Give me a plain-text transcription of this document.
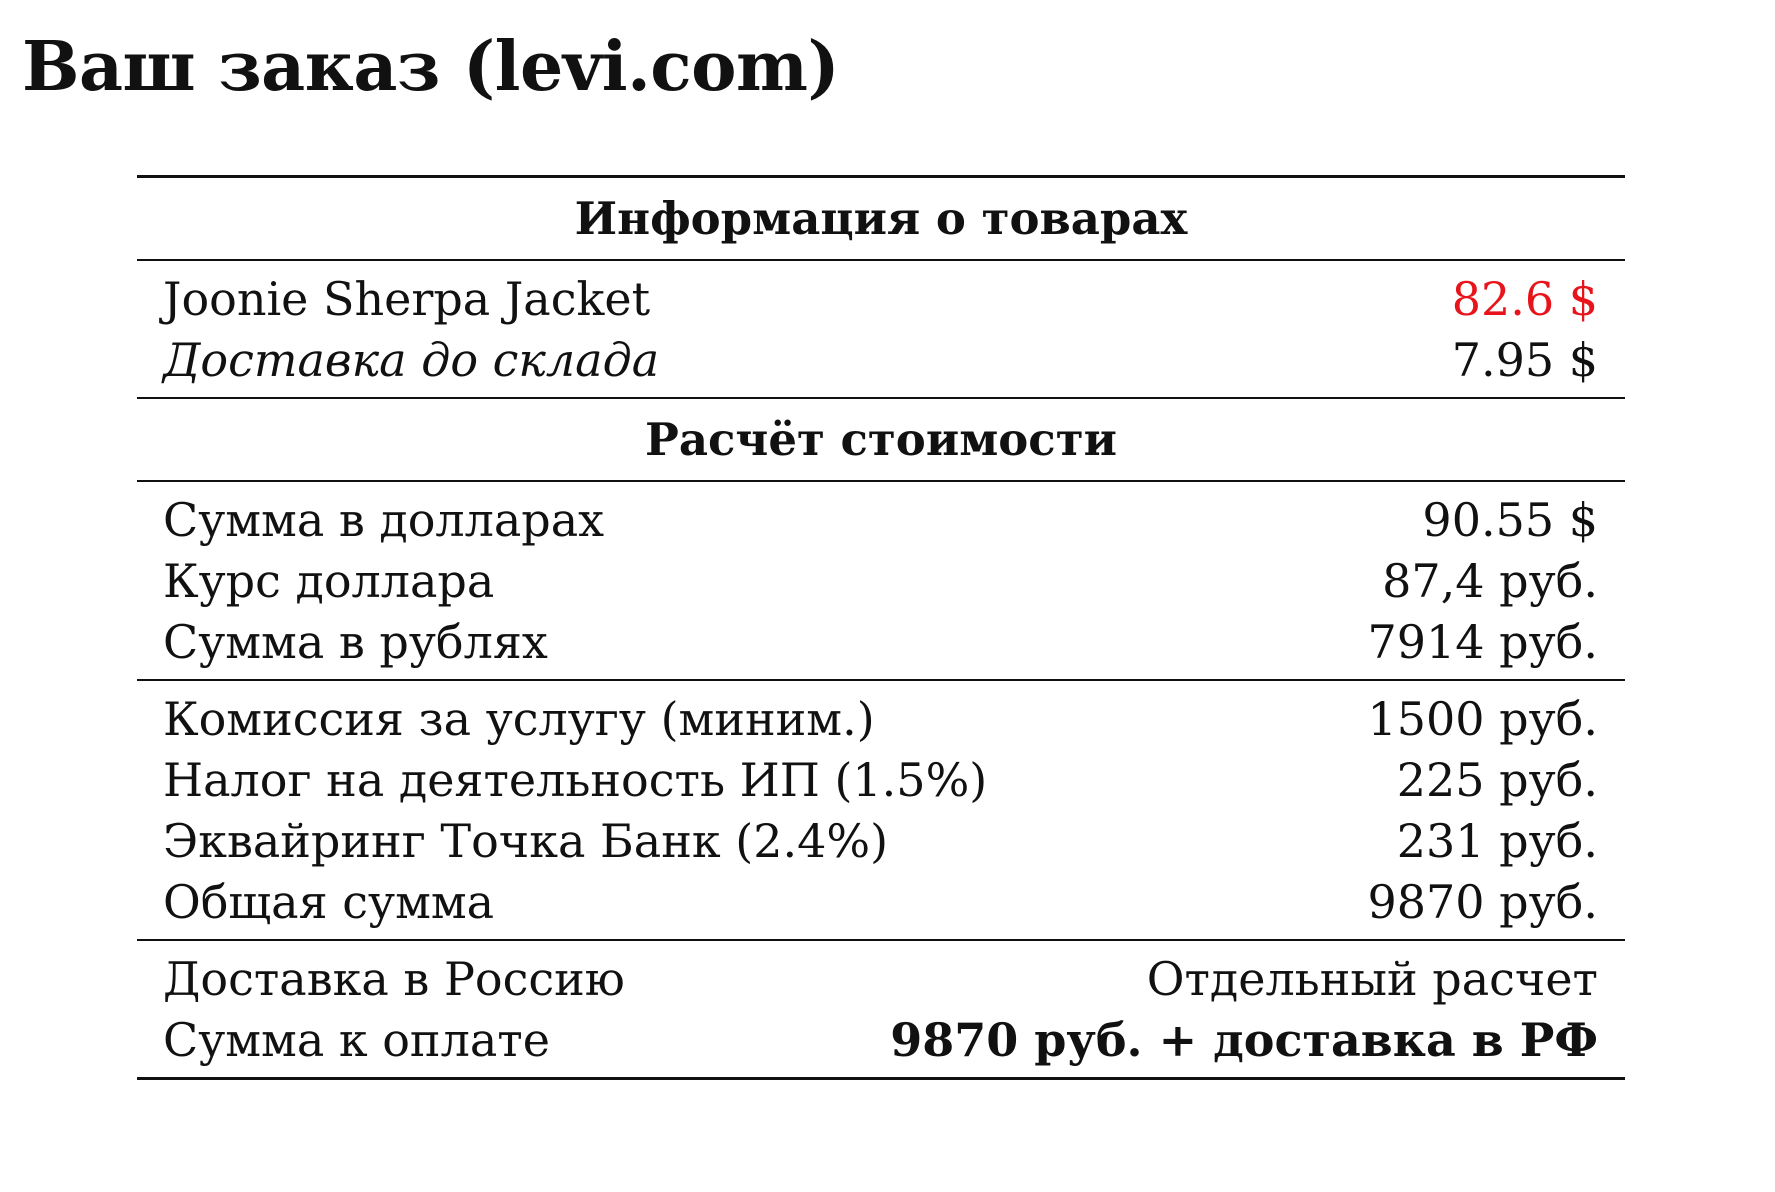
Ваш заказ (levi.com)
Информация о товарах
Joonie Sherpa Jacket	82.6 $
Доставка до склада	7.95 $
Расчёт стоимости
Сумма в долларах	90.55 $
Курс доллара	87,4 руб.
Сумма в рублях	7914 руб.
Комиссия за услугу (миним.)	1500 руб.
Налог на деятельность ИП (1.5%)	225 руб.
Эквайринг Точка Банк (2.4%)	231 руб.
Общая сумма	9870 руб.
Доставка в Россию	Отдельный расчет
Сумма к оплате	9870 руб. + доставка в РФ
